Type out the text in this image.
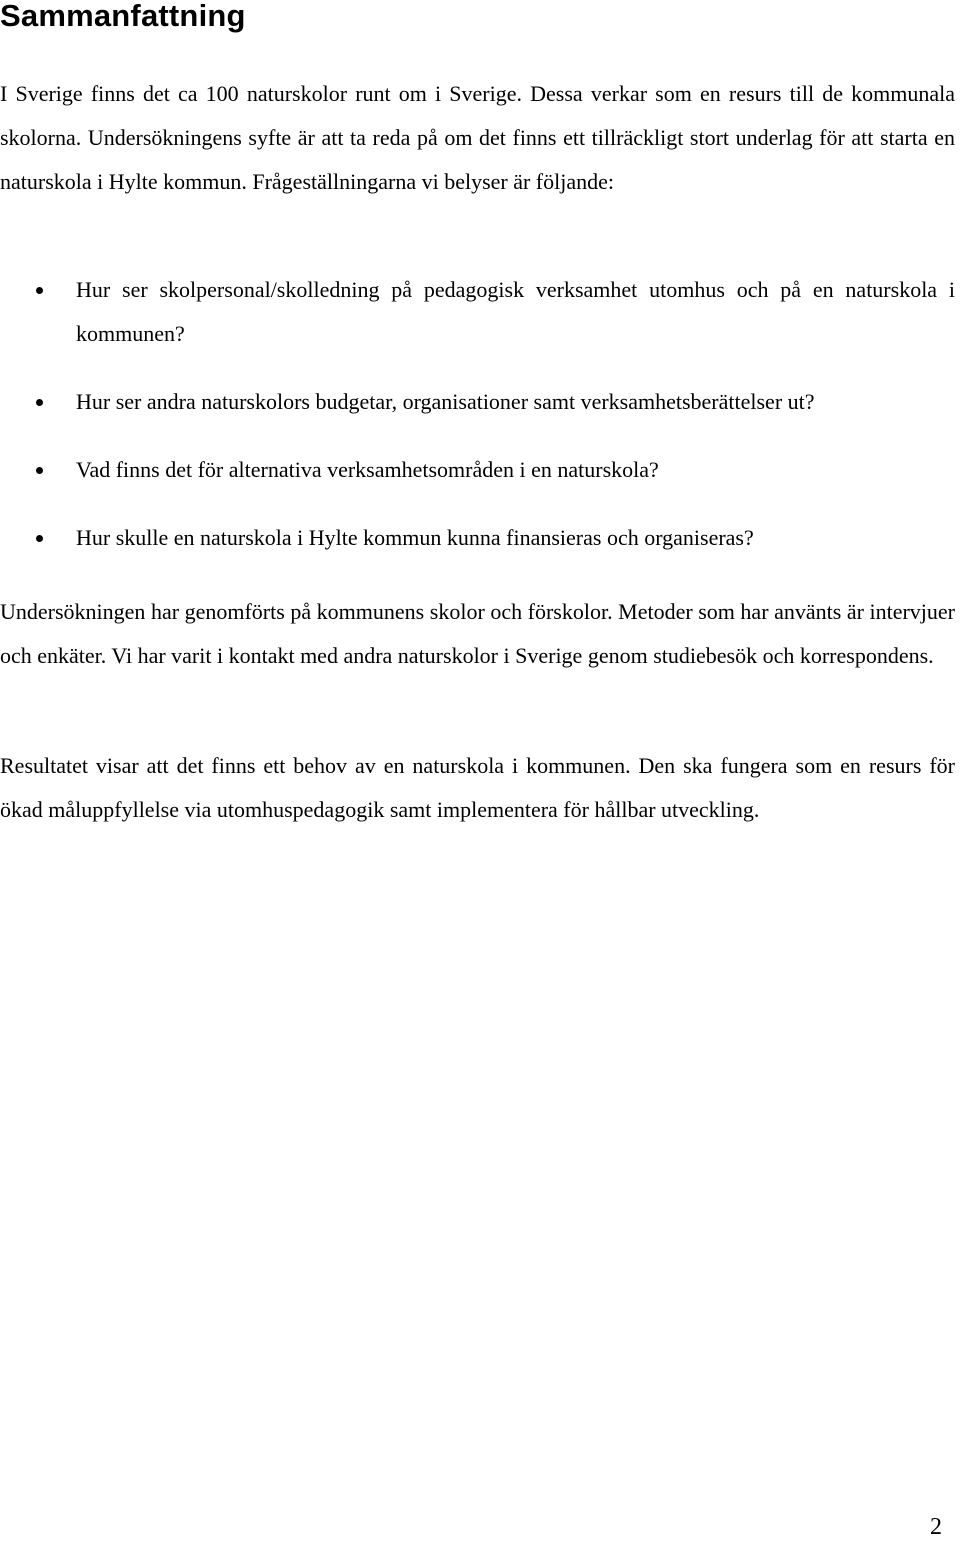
Sammanfattning

I Sverige finns det ca 100 naturskolor runt om i Sverige. Dessa verkar som en resurs till de kommunala skolorna. Undersökningens syfte är att ta reda på om det finns ett tillräckligt stort underlag för att starta en naturskola i Hylte kommun. Frågeställningarna vi belyser är följande:

Hur ser skolpersonal/skolledning på pedagogisk verksamhet utomhus och på en naturskola i kommunen?
Hur ser andra naturskolors budgetar, organisationer samt verksamhetsberättelser ut?
Vad finns det för alternativa verksamhetsområden i en naturskola?
Hur skulle en naturskola i Hylte kommun kunna finansieras och organiseras?

Undersökningen har genomförts på kommunens skolor och förskolor. Metoder som har använts är intervjuer och enkäter. Vi har varit i kontakt med andra naturskolor i Sverige genom studiebesök och korrespondens.

Resultatet visar att det finns ett behov av en naturskola i kommunen. Den ska fungera som en resurs för ökad måluppfyllelse via utomhuspedagogik samt implementera för hållbar utveckling.

2
